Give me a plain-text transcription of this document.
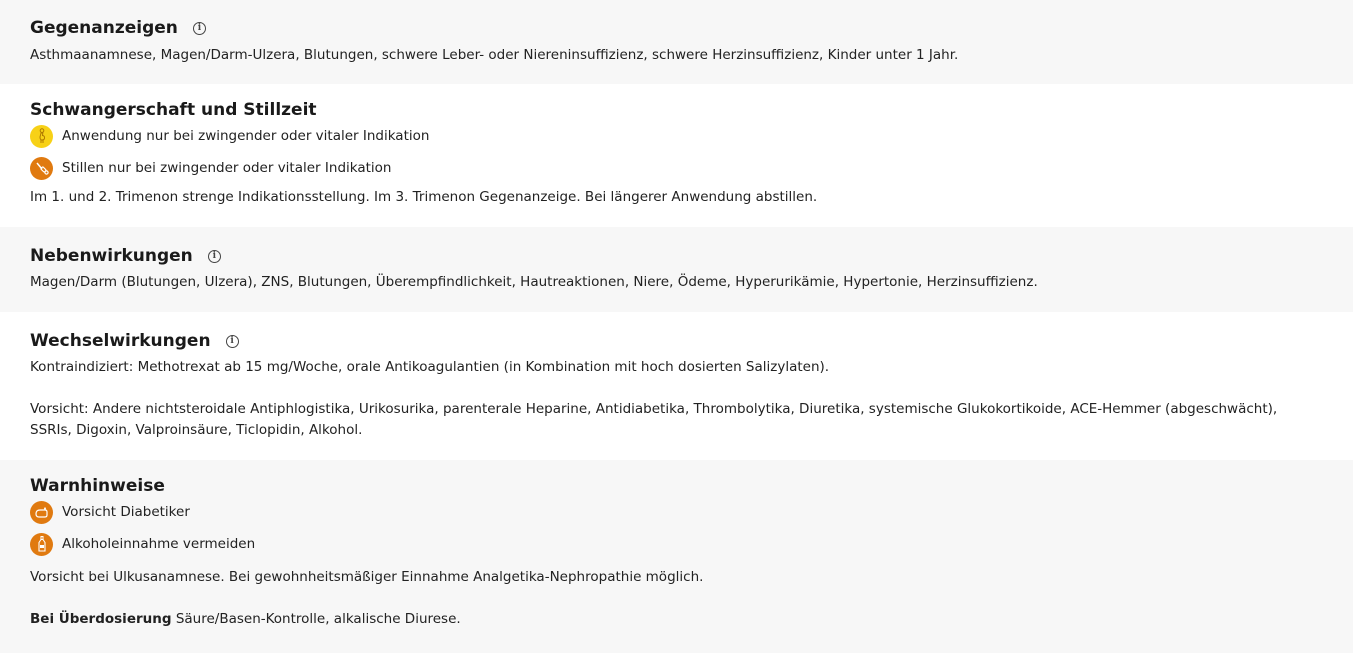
Gegenanzeigen	i

Asthmaanamnese, Magen/Darm-Ulzera, Blutungen, schwere Leber- oder Niereninsuffizienz, schwere Herzinsuffizienz, Kinder unter 1 Jahr.

Schwangerschaft und Stillzeit
Anwendung nur bei zwingender oder vitaler Indikation
Stillen nur bei zwingender oder vitaler Indikation

Im 1. und 2. Trimenon strenge Indikationsstellung. Im 3. Trimenon Gegenanzeige. Bei längerer Anwendung abstillen.

Nebenwirkungen	i

Magen/Darm (Blutungen, Ulzera), ZNS, Blutungen, Überempfindlichkeit, Hautreaktionen, Niere, Ödeme, Hyperurikämie, Hypertonie, Herzinsuffizienz.

Wechselwirkungen	i

Kontraindiziert: Methotrexat ab 15 mg/Woche, orale Antikoagulantien (in Kombination mit hoch dosierten Salizylaten).

Vorsicht: Andere nichtsteroidale Antiphlogistika, Urikosurika, parenterale Heparine, Antidiabetika, Thrombolytika, Diuretika, systemische Glukokortikoide, ACE-Hemmer (abgeschwächt), SSRIs, Digoxin, Valproinsäure, Ticlopidin, Alkohol.

Warnhinweise
Vorsicht Diabetiker
Alkoholeinnahme vermeiden

Vorsicht bei Ulkusanamnese. Bei gewohnheitsmäßiger Einnahme Analgetika-Nephropathie möglich.

Bei Überdosierung Säure/Basen-Kontrolle, alkalische Diurese.
